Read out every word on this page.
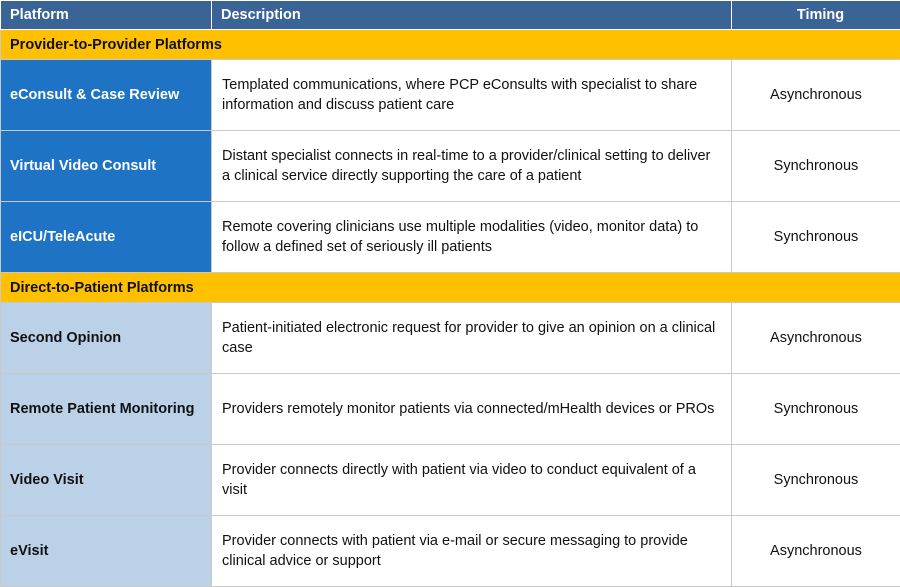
Platform	Description	Timing
Provider-to-Provider Platforms		
eConsult & Case Review	Templated communications, where PCP eConsults with specialist to share information and discuss patient care	Asynchronous
Virtual Video Consult	Distant specialist connects in real-time to a provider/clinical setting to deliver a clinical service directly supporting the care of a patient	Synchronous
eICU/TeleAcute	Remote covering clinicians use multiple modalities (video, monitor data) to follow a defined set of seriously ill patients	Synchronous
Direct-to-Patient Platforms		
Second Opinion	Patient-initiated electronic request for provider to give an opinion on a clinical case	Asynchronous
Remote Patient Monitoring	Providers remotely monitor patients via connected/mHealth devices or PROs	Synchronous
Video Visit	Provider connects directly with patient via video to conduct equivalent of a visit	Synchronous
eVisit	Provider connects with patient via e-mail or secure messaging to provide clinical advice or support	Asynchronous
